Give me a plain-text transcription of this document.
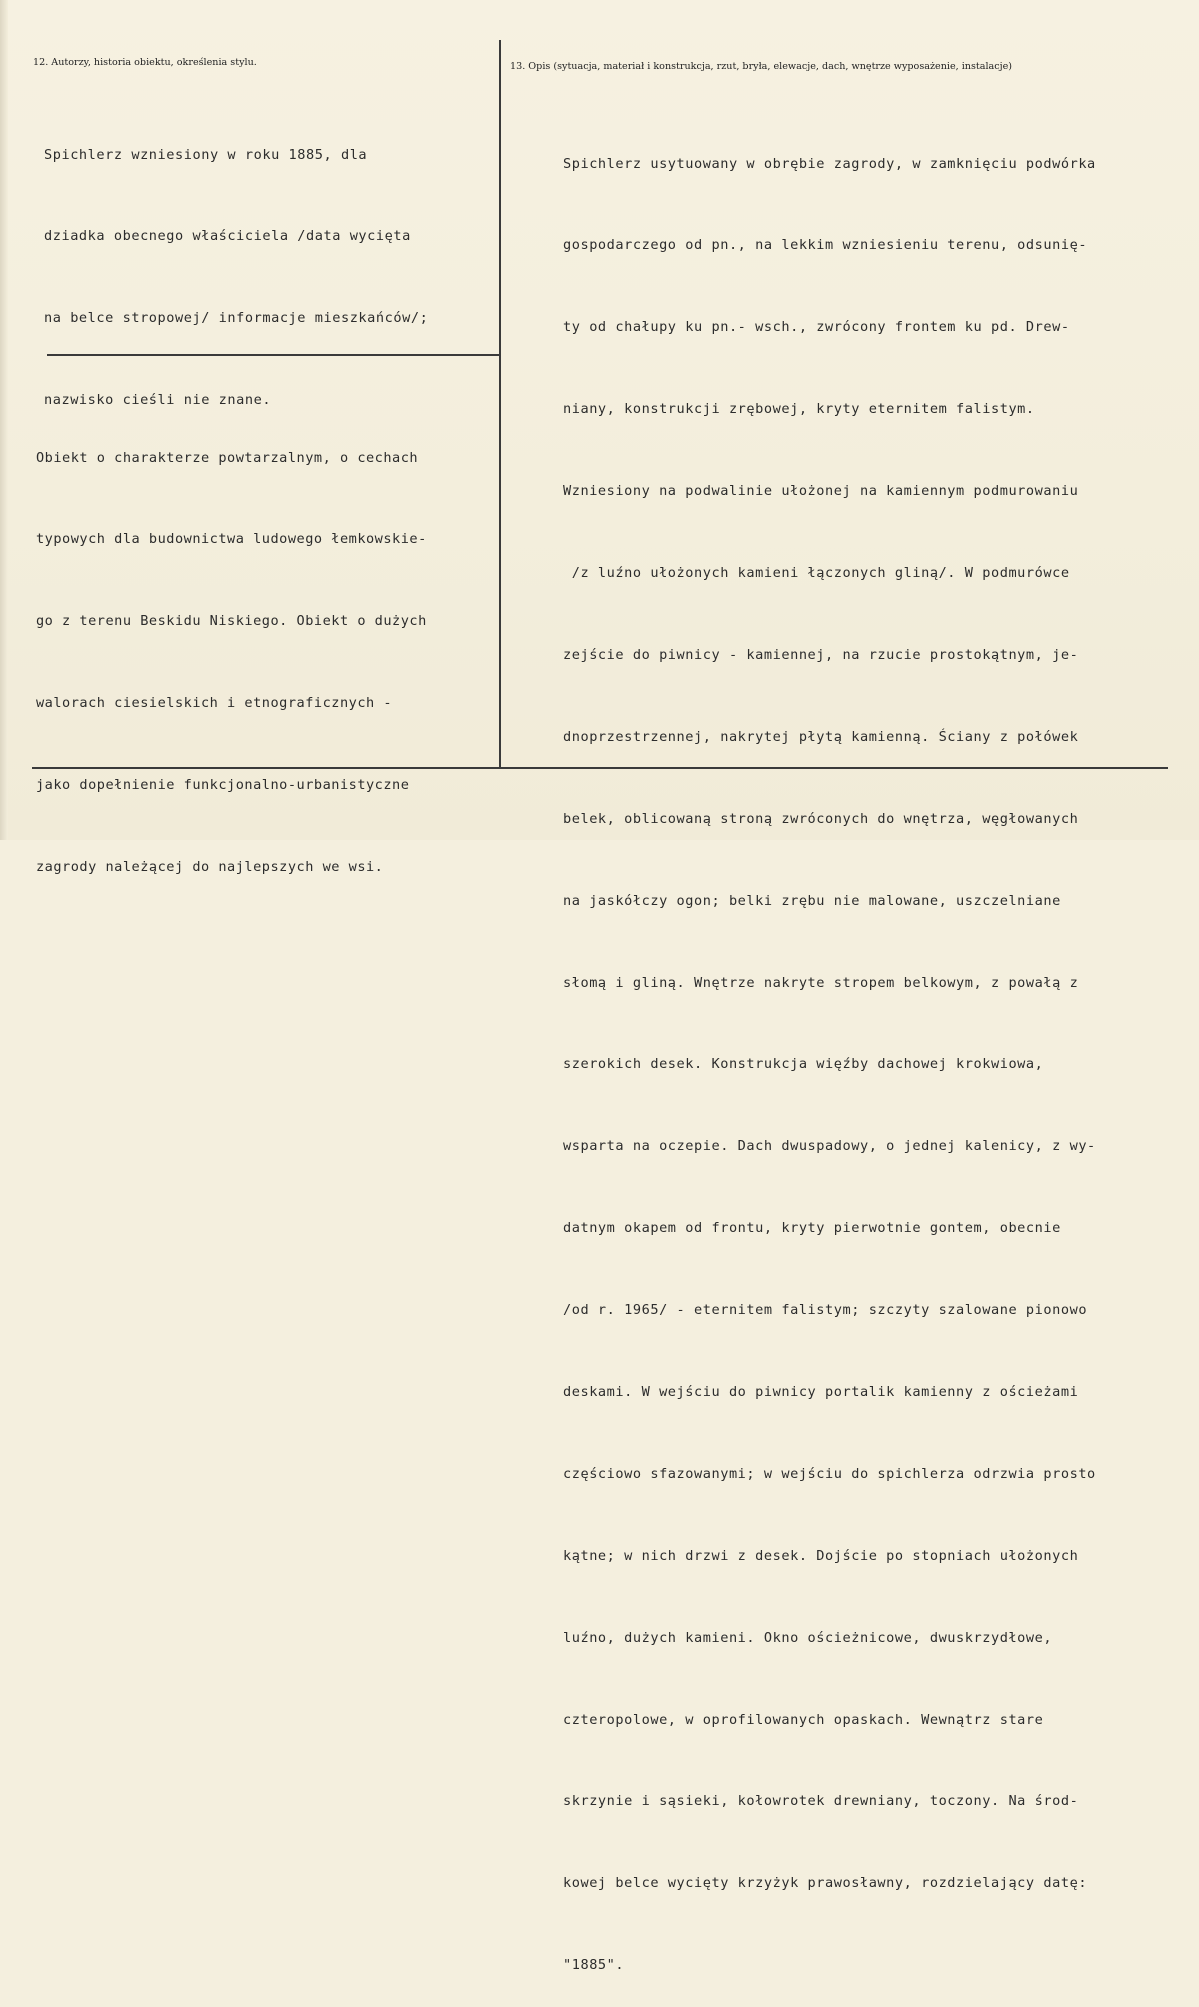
12. Autorzy, historia obiektu, określenia stylu.	13. Opis (sytuacja, materiał i konstrukcja, rzut, bryła, elewacje, dach, wnętrze wyposażenie, instalacje)

Spichlerz wzniesiony w roku 1885, dla

dziadka obecnego właściciela /data wycięta

na belce stropowej/ informacje mieszkańców/;

nazwisko cieśli nie znane.

Obiekt o charakterze powtarzalnym, o cechach

typowych dla budownictwa ludowego łemkowskie-

go z terenu Beskidu Niskiego. Obiekt o dużych

walorach ciesielskich i etnograficznych -

jako dopełnienie funkcjonalno-urbanistyczne

zagrody należącej do najlepszych we wsi.

Spichlerz usytuowany w obrębie zagrody, w zamknięciu podwórka

gospodarczego od pn., na lekkim wzniesieniu terenu, odsunię-

ty od chałupy ku pn.- wsch., zwrócony frontem ku pd. Drew-

niany, konstrukcji zrębowej, kryty eternitem falistym.

Wzniesiony na podwalinie ułożonej na kamiennym podmurowaniu

/z luźno ułożonych kamieni łączonych gliną/. W podmurówce

zejście do piwnicy - kamiennej, na rzucie prostokątnym, je-

dnoprzestrzennej, nakrytej płytą kamienną. Ściany z połówek

belek, oblicowaną stroną zwróconych do wnętrza, węgłowanych

na jaskółczy ogon; belki zrębu nie malowane, uszczelniane

słomą i gliną. Wnętrze nakryte stropem belkowym, z powałą z

szerokich desek. Konstrukcja więźby dachowej krokwiowa,

wsparta na oczepie. Dach dwuspadowy, o jednej kalenicy, z wy-

datnym okapem od frontu, kryty pierwotnie gontem, obecnie

/od r. 1965/ - eternitem falistym; szczyty szalowane pionowo

deskami. W wejściu do piwnicy portalik kamienny z ościeżami

częściowo sfazowanymi; w wejściu do spichlerza odrzwia prosto

kątne; w nich drzwi z desek. Dojście po stopniach ułożonych

luźno, dużych kamieni. Okno ościeżnicowe, dwuskrzydłowe,

czteropolowe, w oprofilowanych opaskach. Wewnątrz stare

skrzynie i sąsieki, kołowrotek drewniany, toczony. Na środ-

kowej belce wycięty krzyżyk prawosławny, rozdzielający datę:

"1885".
